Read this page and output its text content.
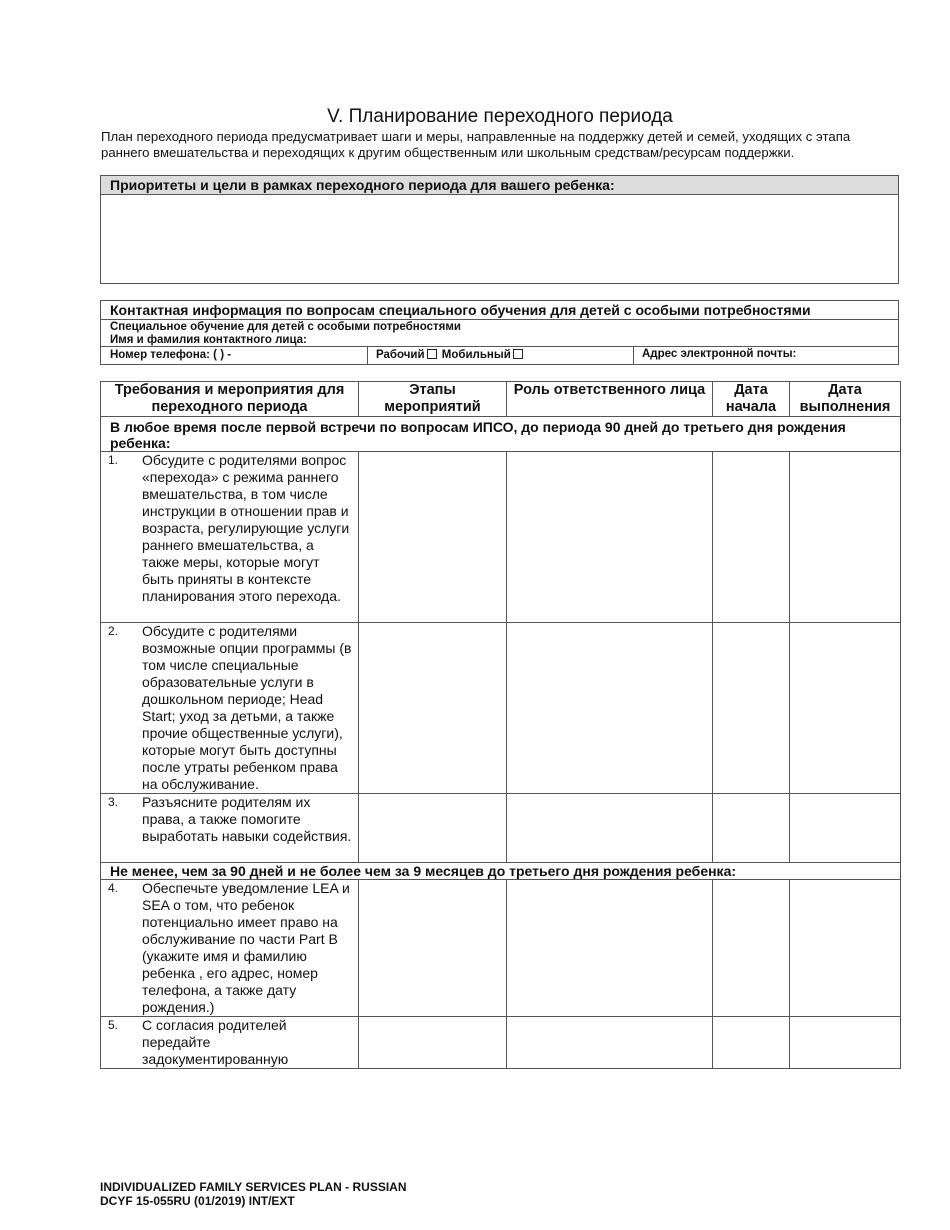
V. Планирование переходного периода
План переходного периода предусматривает шаги и меры, направленные на поддержку детей и семей, уходящих с этапа раннего вмешательства и переходящих к другим общественным или школьным средствам/ресурсам поддержки.
Приоритеты и цели в рамках переходного периода для вашего ребенка:
Контактная информация по вопросам специального обучения для детей с особыми потребностями
Специальное обучение для детей с особыми потребностями
Имя и фамилия контактного лица:
Номер телефона: ( ) -	Рабочий Мобильный	Адрес электронной почты:
Требования и мероприятия для переходного периода	Этапы мероприятий	Роль ответственного лица	Дата начала	Дата выполнения
В любое время после первой встречи по вопросам ИПСО, до периода 90 дней до третьего дня рождения ребенка:				

1. Обсудите с родителями вопрос «перехода» с режима раннего вмешательства, в том числе инструкции в отношении прав и возраста, регулирующие услуги раннего вмешательства, а также меры, которые могут быть приняты в контексте планирования этого перехода.				

2. Обсудите с родителями возможные опции программы (в том числе специальные образовательные услуги в дошкольном периоде; Head Start; уход за детьми, а также прочие общественные услуги), которые могут быть доступны после утраты ребенком права на обслуживание.				

3. Разъясните родителям их права, а также помогите выработать навыки содействия.				

Не менее, чем за 90 дней и не более чем за 9 месяцев до третьего дня рождения ребенка:				

4. Обеспечьте уведомление LEA и SEA о том, что ребенок потенциально имеет право на обслуживание по части Part B (укажите имя и фамилию ребенка , его адрес, номер телефона, а также дату рождения.)				

5. С согласия родителей передайте задокументированную				

INDIVIDUALIZED FAMILY SERVICES PLAN - RUSSIAN
DCYF 15-055RU (01/2019) INT/EXT
